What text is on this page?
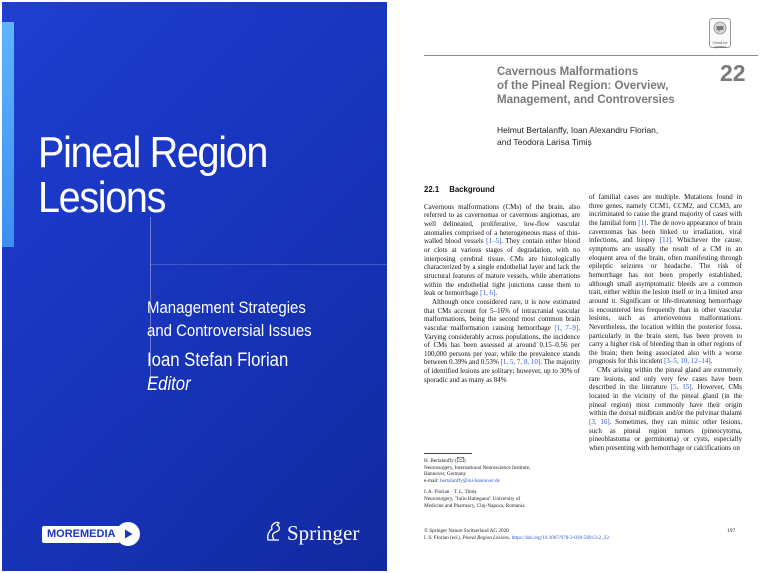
Pineal Region
Lesions
Management Strategies
and Controversial Issues
Ioan Stefan Florian
Editor
MOREMEDIA	Springer
Check for updates
Cavernous Malformations
of the Pineal Region: Overview,
Management, and Controversies
22
Helmut Bertalanffy, Ioan Alexandru Florian,
and Teodora Larisa Timiș
22.1 Background

Cavernous malformations (CMs) of the brain, also referred to as cavernomas or cavernous angiomas, are well delineated, proliferative, low-flow vascular anomalies comprised of a heterogeneous mass of thin-walled blood vessels [1–5]. They contain either blood or clots at various stages of degradation, with no interposing cerebral tissue. CMs are histologically characterized by a single endothelial layer and lack the structural features of mature vessels, while aberrations within the endothelial tight junctions cause them to leak or hemorrhage [1, 6].

Although once considered rare, it is now estimated that CMs account for 5–16% of intracranial vascular malformations, being the second most common brain vascular malformation causing hemorrhage [1, 7–9]. Varying considerably across populations, the incidence of CMs has been assessed at around 0.15–0.56 per 100,000 persons per year, while the prevalence stands between 0.39% and 0.53% [1, 5, 7, 8, 10]. The majority of identified lesions are solitary; however, up to 30% of sporadic and as many as 84%

of familial cases are multiple. Mutations found in three genes, namely CCM1, CCM2, and CCM3, are incriminated to cause the grand majority of cases with the familial form [1]. The de novo appearance of brain cavernomas has been linked to irradiation, viral infections, and biopsy [11]. Whichever the cause, symptoms are usually the result of a CM in an eloquent area of the brain, often manifesting through epileptic seizures or headache. The risk of hemorrhage has not been properly established, although small asymptomatic bleeds are a common trait, either within the lesion itself or in a limited area around it. Significant or life-threatening hemorrhage is encountered less frequently than in other vascular lesions, such as arteriovenous malformations. Nevertheless, the location within the posterior fossa, particularly in the brain stem, has been proven to carry a higher risk of bleeding than in other regions of the brain; then being associated also with a worse prognosis for this incident [3–5, 10, 12–14].

CMs arising within the pineal gland are extremely rare lesions, and only very few cases have been described in the literature [5, 15]. However, CMs located in the vicinity of the pineal gland (in the pineal region) most commonly have their origin within the dorsal midbrain and/or the pulvinar thalami [3, 16]. Sometimes, they can mimic other lesions, such as pineal region tumors (pineocytoma, pineoblastoma or germinoma) or cysts, especially when presenting with hemorrhage or calcifications on

H. Bertalanffy ( )
Neurosurgery, International Neuroscience Institute,
Hannover, Germany
e-mail: bertalanffy@ini-hannover.de
I. A. Florian · T. L. Timiș
Neurosurgery, "Iuliu Hatieganu" University of
Medicine and Pharmacy, Cluj-Napoca, Romania
© Springer Nature Switzerland AG 2020
I. S. Florian (ed.), Pineal Region Lesions, https://doi.org/10.1007/978-3-030-50913-2_22
197
